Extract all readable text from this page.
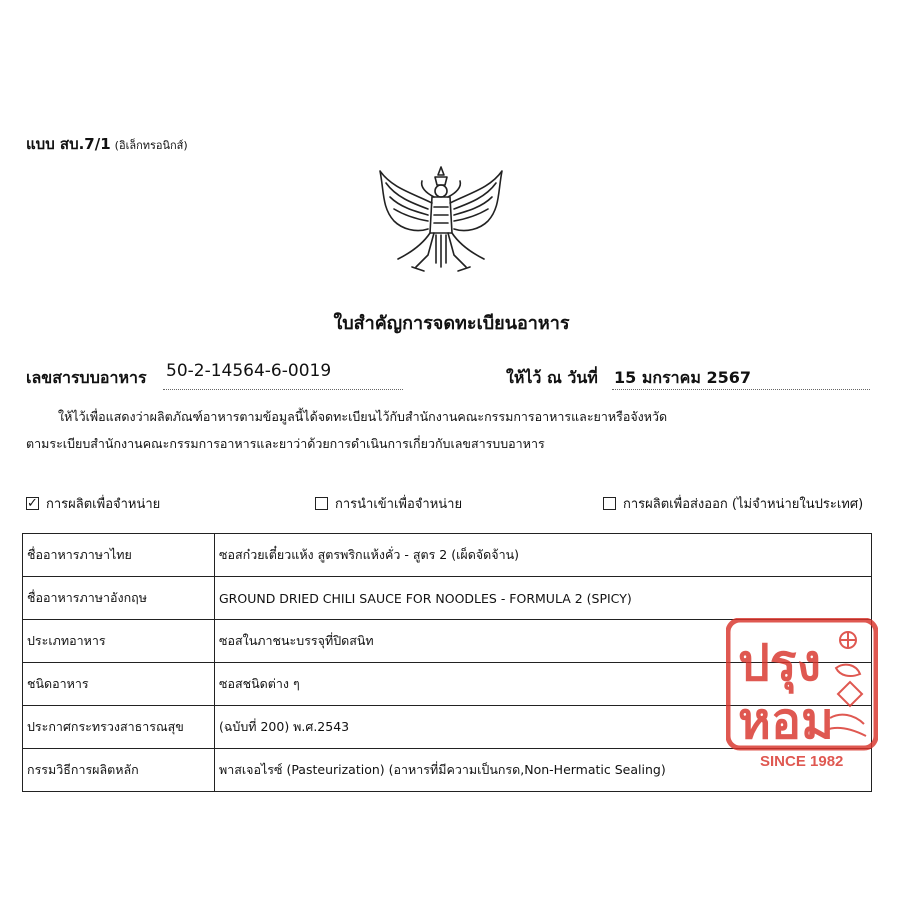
แบบ สบ.7/1 (อิเล็กทรอนิกส์)
ใบสำคัญการจดทะเบียนอาหาร
เลขสารบบอาหาร 50-2-14564-6-0019	ให้ไว้ ณ วันที่ 15 มกราคม 2567
ให้ไว้เพื่อแสดงว่าผลิตภัณฑ์อาหารตามข้อมูลนี้ได้จดทะเบียนไว้กับสำนักงานคณะกรรมการอาหารและยาหรือจังหวัด
ตามระเบียบสำนักงานคณะกรรมการอาหารและยาว่าด้วยการดำเนินการเกี่ยวกับเลขสารบบอาหาร
✓ การผลิตเพื่อจำหน่าย	การนำเข้าเพื่อจำหน่าย	การผลิตเพื่อส่งออก (ไม่จำหน่ายในประเทศ)
ชื่ออาหารภาษาไทย	ซอสก๋วยเตี๋ยวแห้ง สูตรพริกแห้งคั่ว - สูตร 2 (เผ็ดจัดจ้าน)
ชื่ออาหารภาษาอังกฤษ	GROUND DRIED CHILI SAUCE FOR NOODLES - FORMULA 2 (SPICY)
ประเภทอาหาร	ซอสในภาชนะบรรจุที่ปิดสนิท
ชนิดอาหาร	ซอสชนิดต่าง ๆ
ประกาศกระทรวงสาธารณสุข	(ฉบับที่ 200) พ.ศ.2543
กรรมวิธีการผลิตหลัก	พาสเจอไรซ์ (Pasteurization) (อาหารที่มีความเป็นกรด,Non-Hermatic Sealing)
ปรุง
หอม
SINCE 1982
